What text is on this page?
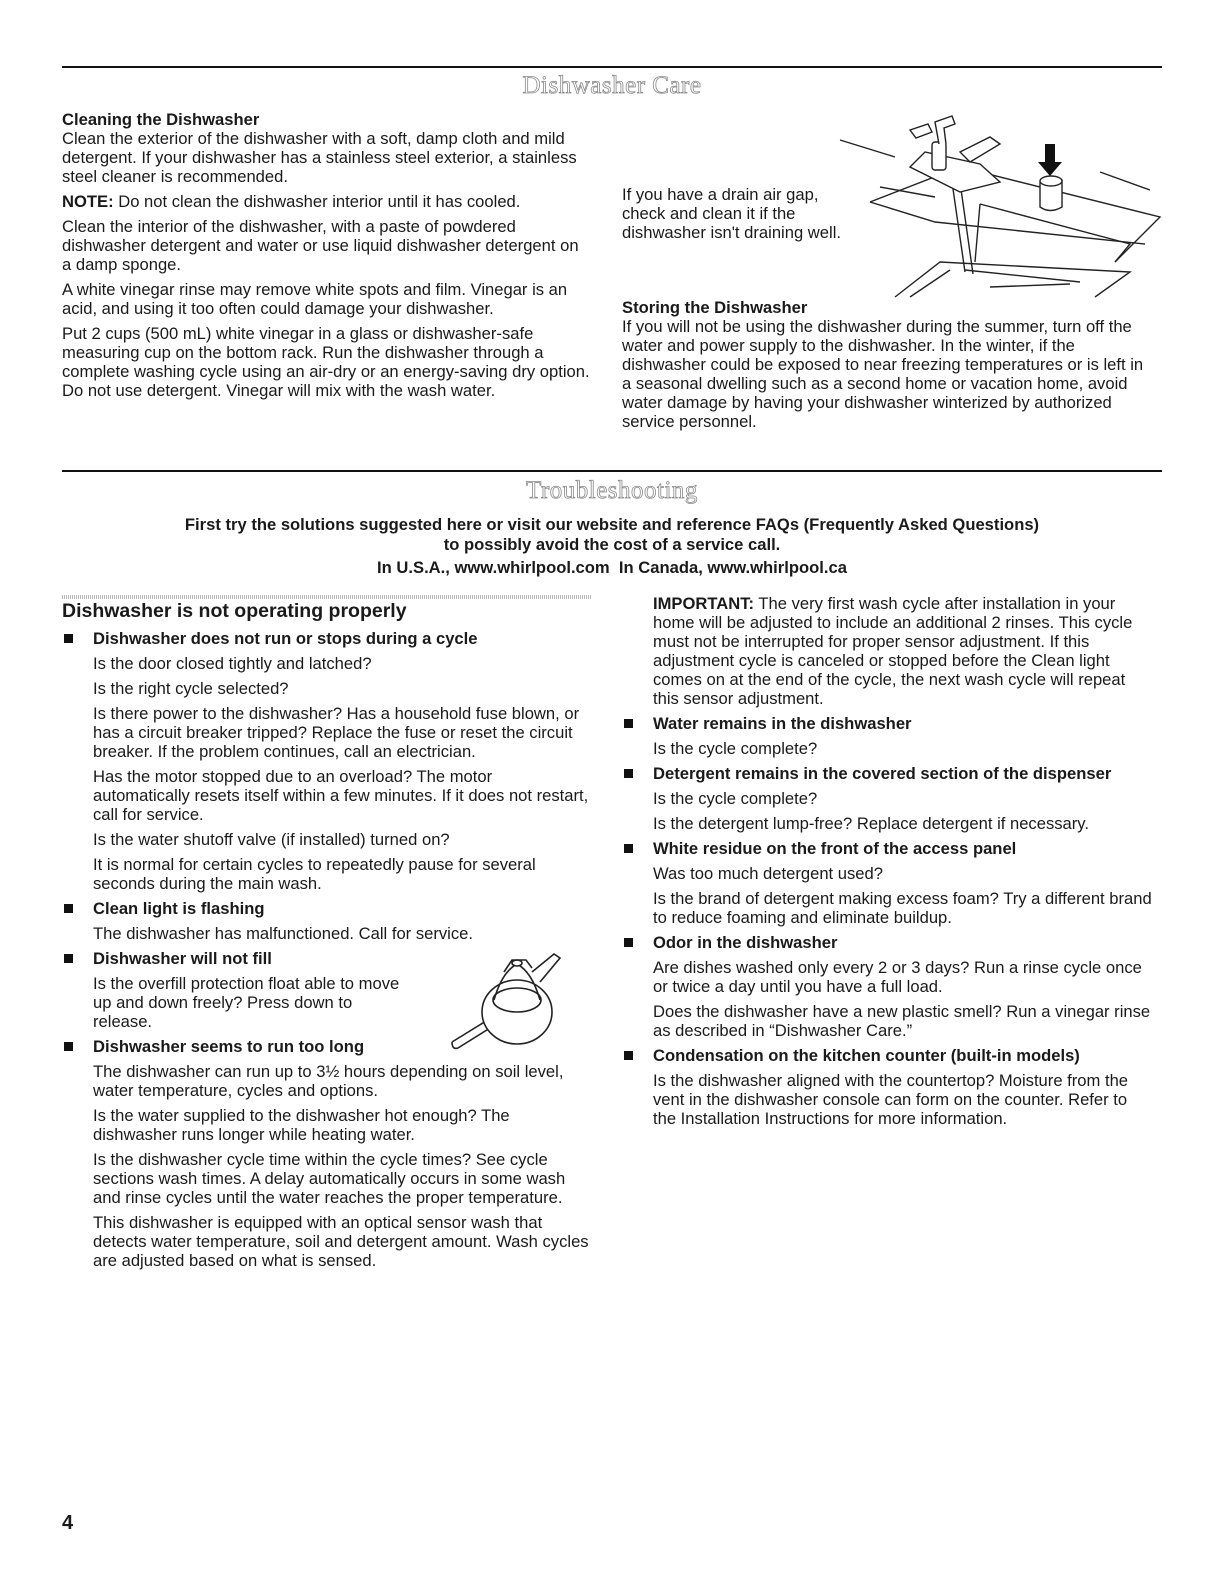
Dishwasher Care

Cleaning the Dishwasher

Clean the exterior of the dishwasher with a soft, damp cloth and mild detergent. If your dishwasher has a stainless steel exterior, a stainless steel cleaner is recommended.

NOTE: Do not clean the dishwasher interior until it has cooled.

Clean the interior of the dishwasher, with a paste of powdered dishwasher detergent and water or use liquid dishwasher detergent on a damp sponge.

A white vinegar rinse may remove white spots and film. Vinegar is an acid, and using it too often could damage your dishwasher.

Put 2 cups (500 mL) white vinegar in a glass or dishwasher-safe measuring cup on the bottom rack. Run the dishwasher through a complete washing cycle using an air-dry or an energy-saving dry option. Do not use detergent. Vinegar will mix with the wash water.

If you have a drain air gap, check and clean it if the dishwasher isn't draining well.

Storing the Dishwasher

If you will not be using the dishwasher during the summer, turn off the water and power supply to the dishwasher. In the winter, if the dishwasher could be exposed to near freezing temperatures or is left in a seasonal dwelling such as a second home or vacation home, avoid water damage by having your dishwasher winterized by authorized service personnel.

Troubleshooting

First try the solutions suggested here or visit our website and reference FAQs (Frequently Asked Questions)

to possibly avoid the cost of a service call.

In U.S.A., www.whirlpool.com  In Canada, www.whirlpool.ca

Dishwasher is not operating properly

Dishwasher does not run or stops during a cycle

Is the door closed tightly and latched?

Is the right cycle selected?

Is there power to the dishwasher? Has a household fuse blown, or has a circuit breaker tripped? Replace the fuse or reset the circuit breaker. If the problem continues, call an electrician.

Has the motor stopped due to an overload? The motor automatically resets itself within a few minutes. If it does not restart, call for service.

Is the water shutoff valve (if installed) turned on?

It is normal for certain cycles to repeatedly pause for several seconds during the main wash.

Clean light is flashing

The dishwasher has malfunctioned. Call for service.

Dishwasher will not fill

Is the overfill protection float able to move up and down freely? Press down to release.

Dishwasher seems to run too long

The dishwasher can run up to 3½ hours depending on soil level, water temperature, cycles and options.

Is the water supplied to the dishwasher hot enough? The dishwasher runs longer while heating water.

Is the dishwasher cycle time within the cycle times? See cycle sections wash times. A delay automatically occurs in some wash and rinse cycles until the water reaches the proper temperature.

This dishwasher is equipped with an optical sensor wash that detects water temperature, soil and detergent amount. Wash cycles are adjusted based on what is sensed.

IMPORTANT: The very first wash cycle after installation in your home will be adjusted to include an additional 2 rinses. This cycle must not be interrupted for proper sensor adjustment. If this adjustment cycle is canceled or stopped before the Clean light comes on at the end of the cycle, the next wash cycle will repeat this sensor adjustment.

Water remains in the dishwasher

Is the cycle complete?

Detergent remains in the covered section of the dispenser

Is the cycle complete?

Is the detergent lump-free? Replace detergent if necessary.

White residue on the front of the access panel

Was too much detergent used?

Is the brand of detergent making excess foam? Try a different brand to reduce foaming and eliminate buildup.

Odor in the dishwasher

Are dishes washed only every 2 or 3 days? Run a rinse cycle once or twice a day until you have a full load.

Does the dishwasher have a new plastic smell? Run a vinegar rinse as described in “Dishwasher Care.”

Condensation on the kitchen counter (built-in models)

Is the dishwasher aligned with the countertop? Moisture from the vent in the dishwasher console can form on the counter. Refer to the Installation Instructions for more information.

4
